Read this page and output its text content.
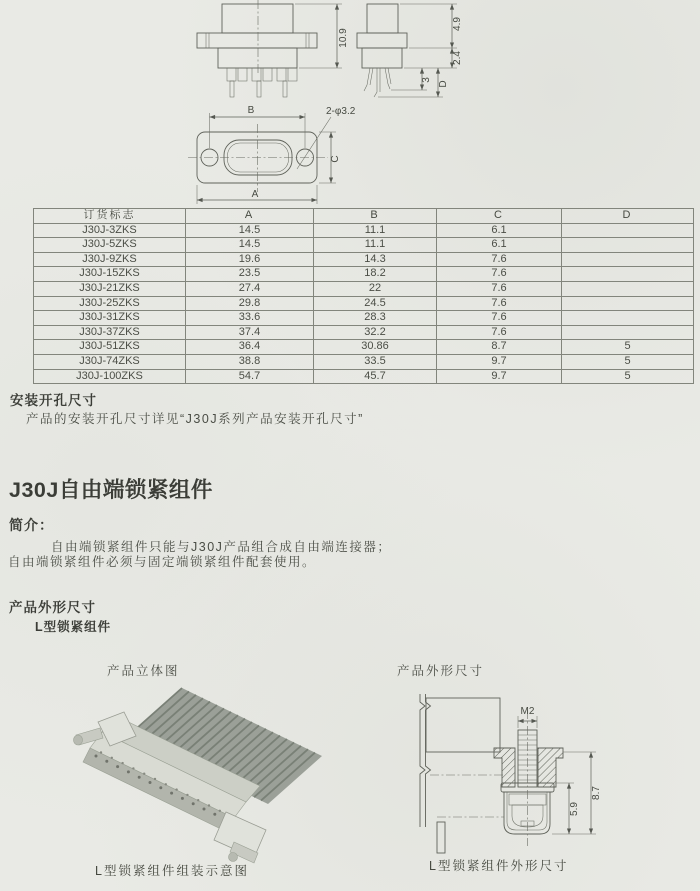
10.9
4.9
2.4
3
D
B
A
C
2-φ3.2
订货标志	A	B	C	D
J30J-3ZKS	14.5	11.1	6.1	
J30J-5ZKS	14.5	11.1	6.1	
J30J-9ZKS	19.6	14.3	7.6	
J30J-15ZKS	23.5	18.2	7.6	
J30J-21ZKS	27.4	22	7.6	
J30J-25ZKS	29.8	24.5	7.6	
J30J-31ZKS	33.6	28.3	7.6	
J30J-37ZKS	37.4	32.2	7.6	
J30J-51ZKS	36.4	30.86	8.7	5
J30J-74ZKS	38.8	33.5	9.7	5
J30J-100ZKS	54.7	45.7	9.7	5
安装开孔尺寸
产品的安装开孔尺寸详见“J30J系列产品安装开孔尺寸”
J30J自由端锁紧组件
简介：
自由端锁紧组件只能与J30J产品组合成自由端连接器；
自由端锁紧组件必须与固定端锁紧组件配套使用。
产品外形尺寸
L型锁紧组件
产品立体图	产品外形尺寸
M2
5.9
8.7
L型锁紧组件组装示意图	L型锁紧组件外形尺寸
